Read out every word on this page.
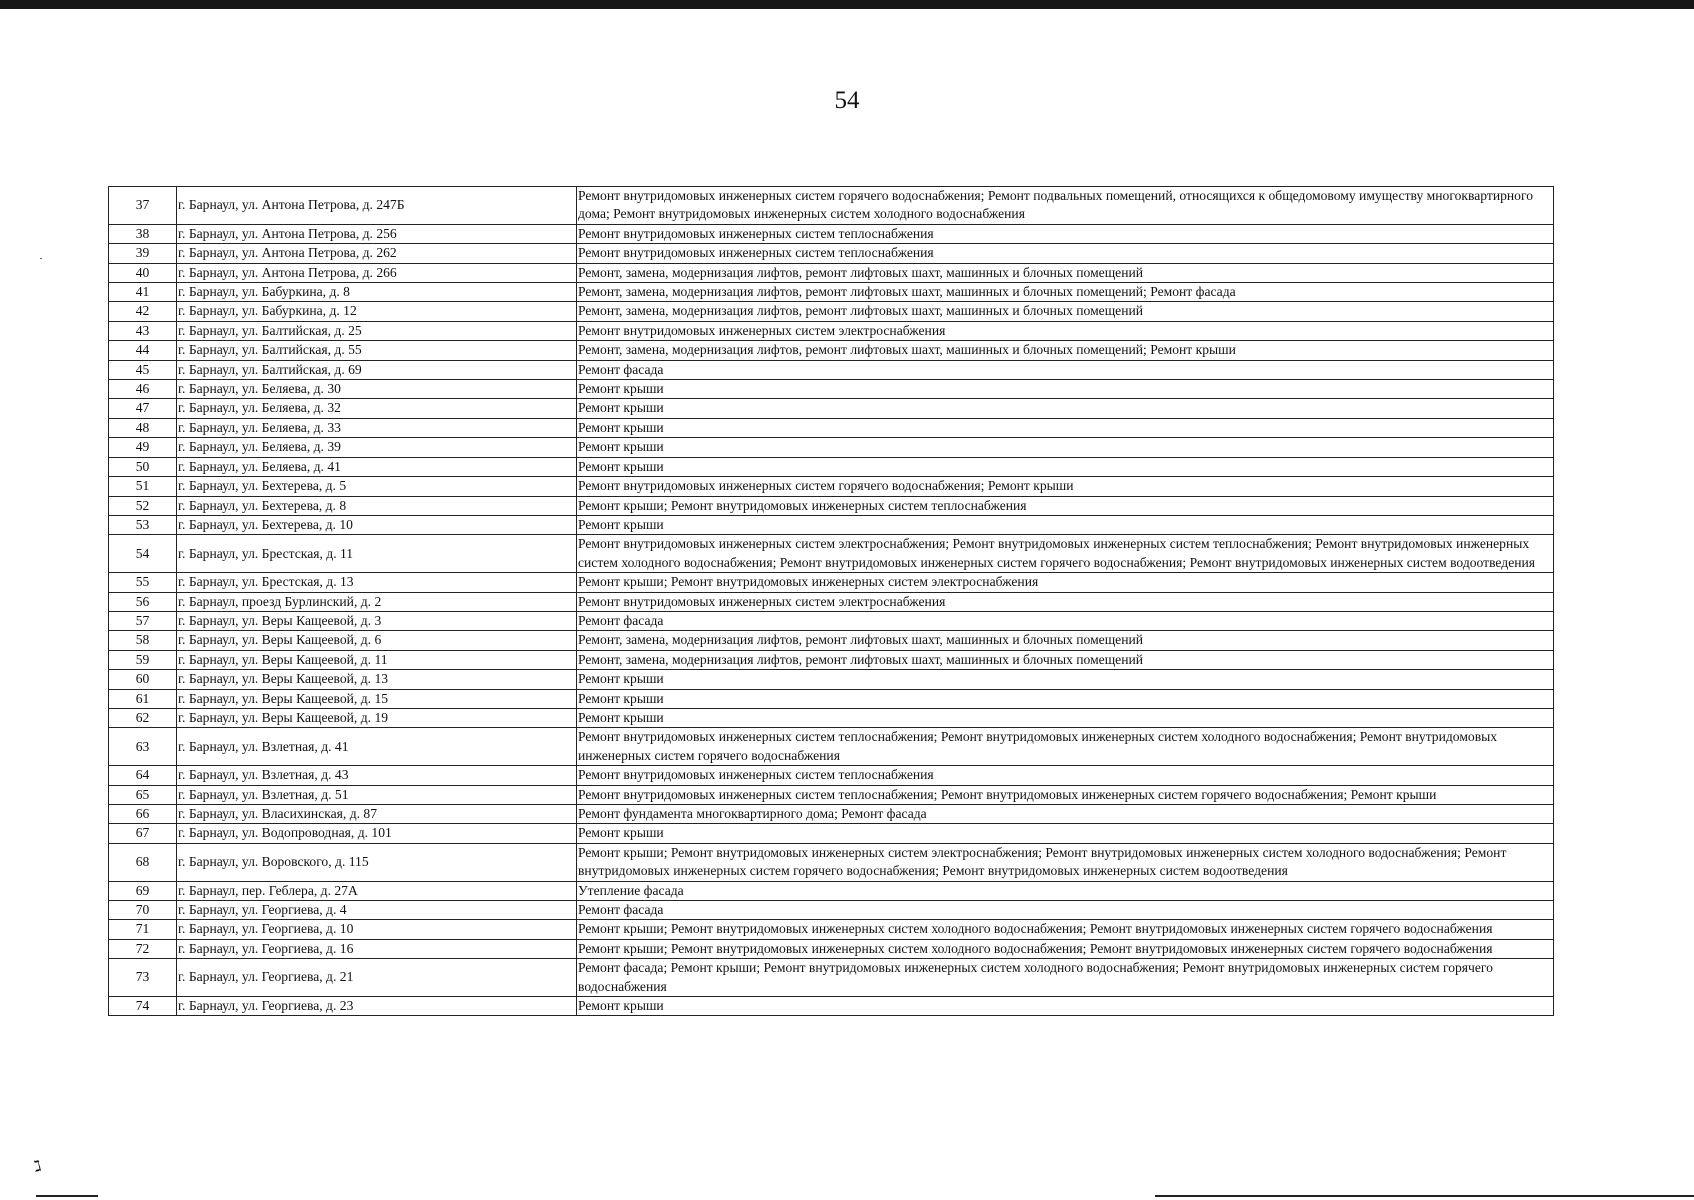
54
37	г. Барнаул, ул. Антона Петрова, д. 247Б	Ремонт внутридомовых инженерных систем горячего водоснабжения; Ремонт подвальных помещений, относящихся к общедомовому имуществу многоквартирного дома; Ремонт внутридомовых инженерных систем холодного водоснабжения
38	г. Барнаул, ул. Антона Петрова, д. 256	Ремонт внутридомовых инженерных систем теплоснабжения
39	г. Барнаул, ул. Антона Петрова, д. 262	Ремонт внутридомовых инженерных систем теплоснабжения
40	г. Барнаул, ул. Антона Петрова, д. 266	Ремонт, замена, модернизация лифтов, ремонт лифтовых шахт, машинных и блочных помещений
41	г. Барнаул, ул. Бабуркина, д. 8	Ремонт, замена, модернизация лифтов, ремонт лифтовых шахт, машинных и блочных помещений; Ремонт фасада
42	г. Барнаул, ул. Бабуркина, д. 12	Ремонт, замена, модернизация лифтов, ремонт лифтовых шахт, машинных и блочных помещений
43	г. Барнаул, ул. Балтийская, д. 25	Ремонт внутридомовых инженерных систем электроснабжения
44	г. Барнаул, ул. Балтийская, д. 55	Ремонт, замена, модернизация лифтов, ремонт лифтовых шахт, машинных и блочных помещений; Ремонт крыши
45	г. Барнаул, ул. Балтийская, д. 69	Ремонт фасада
46	г. Барнаул, ул. Беляева, д. 30	Ремонт крыши
47	г. Барнаул, ул. Беляева, д. 32	Ремонт крыши
48	г. Барнаул, ул. Беляева, д. 33	Ремонт крыши
49	г. Барнаул, ул. Беляева, д. 39	Ремонт крыши
50	г. Барнаул, ул. Беляева, д. 41	Ремонт крыши
51	г. Барнаул, ул. Бехтерева, д. 5	Ремонт внутридомовых инженерных систем горячего водоснабжения; Ремонт крыши
52	г. Барнаул, ул. Бехтерева, д. 8	Ремонт крыши; Ремонт внутридомовых инженерных систем теплоснабжения
53	г. Барнаул, ул. Бехтерева, д. 10	Ремонт крыши
54	г. Барнаул, ул. Брестская, д. 11	Ремонт внутридомовых инженерных систем электроснабжения; Ремонт внутридомовых инженерных систем теплоснабжения; Ремонт внутридомовых инженерных систем холодного водоснабжения; Ремонт внутридомовых инженерных систем горячего водоснабжения; Ремонт внутридомовых инженерных систем водоотведения
55	г. Барнаул, ул. Брестская, д. 13	Ремонт крыши; Ремонт внутридомовых инженерных систем электроснабжения
56	г. Барнаул, проезд Бурлинский, д. 2	Ремонт внутридомовых инженерных систем электроснабжения
57	г. Барнаул, ул. Веры Кащеевой, д. 3	Ремонт фасада
58	г. Барнаул, ул. Веры Кащеевой, д. 6	Ремонт, замена, модернизация лифтов, ремонт лифтовых шахт, машинных и блочных помещений
59	г. Барнаул, ул. Веры Кащеевой, д. 11	Ремонт, замена, модернизация лифтов, ремонт лифтовых шахт, машинных и блочных помещений
60	г. Барнаул, ул. Веры Кащеевой, д. 13	Ремонт крыши
61	г. Барнаул, ул. Веры Кащеевой, д. 15	Ремонт крыши
62	г. Барнаул, ул. Веры Кащеевой, д. 19	Ремонт крыши
63	г. Барнаул, ул. Взлетная, д. 41	Ремонт внутридомовых инженерных систем теплоснабжения; Ремонт внутридомовых инженерных систем холодного водоснабжения; Ремонт внутридомовых инженерных систем горячего водоснабжения
64	г. Барнаул, ул. Взлетная, д. 43	Ремонт внутридомовых инженерных систем теплоснабжения
65	г. Барнаул, ул. Взлетная, д. 51	Ремонт внутридомовых инженерных систем теплоснабжения; Ремонт внутридомовых инженерных систем горячего водоснабжения; Ремонт крыши
66	г. Барнаул, ул. Власихинская, д. 87	Ремонт фундамента многоквартирного дома; Ремонт фасада
67	г. Барнаул, ул. Водопроводная, д. 101	Ремонт крыши
68	г. Барнаул, ул. Воровского, д. 115	Ремонт крыши; Ремонт внутридомовых инженерных систем электроснабжения; Ремонт внутридомовых инженерных систем холодного водоснабжения; Ремонт внутридомовых инженерных систем горячего водоснабжения; Ремонт внутридомовых инженерных систем водоотведения
69	г. Барнаул, пер. Геблера, д. 27А	Утепление фасада
70	г. Барнаул, ул. Георгиева, д. 4	Ремонт фасада
71	г. Барнаул, ул. Георгиева, д. 10	Ремонт крыши; Ремонт внутридомовых инженерных систем холодного водоснабжения; Ремонт внутридомовых инженерных систем горячего водоснабжения
72	г. Барнаул, ул. Георгиева, д. 16	Ремонт крыши; Ремонт внутридомовых инженерных систем холодного водоснабжения; Ремонт внутридомовых инженерных систем горячего водоснабжения
73	г. Барнаул, ул. Георгиева, д. 21	Ремонт фасада; Ремонт крыши; Ремонт внутридомовых инженерных систем холодного водоснабжения; Ремонт внутридомовых инженерных систем горячего водоснабжения
74	г. Барнаул, ул. Георгиева, д. 23	Ремонт крыши
ℷ
